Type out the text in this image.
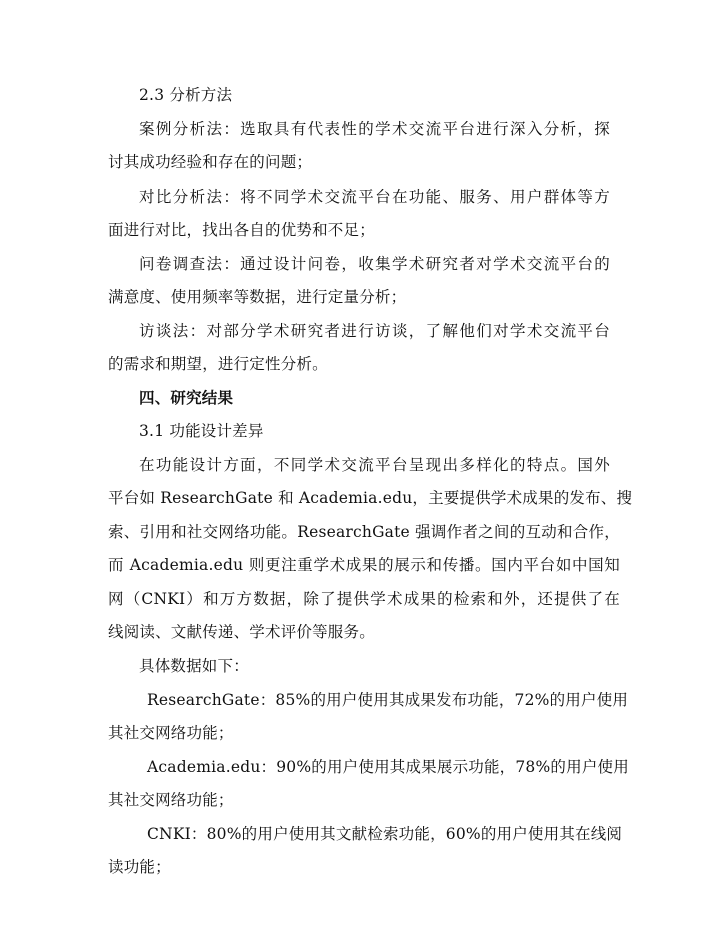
2.3 分析方法
案例分析法：选取具有代表性的学术交流平台进行深入分析，探
讨其成功经验和存在的问题；
对比分析法：将不同学术交流平台在功能、服务、用户群体等方
面进行对比，找出各自的优势和不足；
问卷调查法：通过设计问卷，收集学术研究者对学术交流平台的
满意度、使用频率等数据，进行定量分析；
访谈法：对部分学术研究者进行访谈，了解他们对学术交流平台
的需求和期望，进行定性分析。
四、研究结果
3.1 功能设计差异
在功能设计方面，不同学术交流平台呈现出多样化的特点。国外
平台如 ResearchGate 和 Academia.edu，主要提供学术成果的发布、搜
索、引用和社交网络功能。ResearchGate 强调作者之间的互动和合作，
而 Academia.edu 则更注重学术成果的展示和传播。国内平台如中国知
网（CNKI）和万方数据，除了提供学术成果的检索和外，还提供了在
线阅读、文献传递、学术评价等服务。
具体数据如下：
ResearchGate：85%的用户使用其成果发布功能，72%的用户使用
其社交网络功能；
Academia.edu：90%的用户使用其成果展示功能，78%的用户使用
其社交网络功能；
CNKI：80%的用户使用其文献检索功能，60%的用户使用其在线阅
读功能；
